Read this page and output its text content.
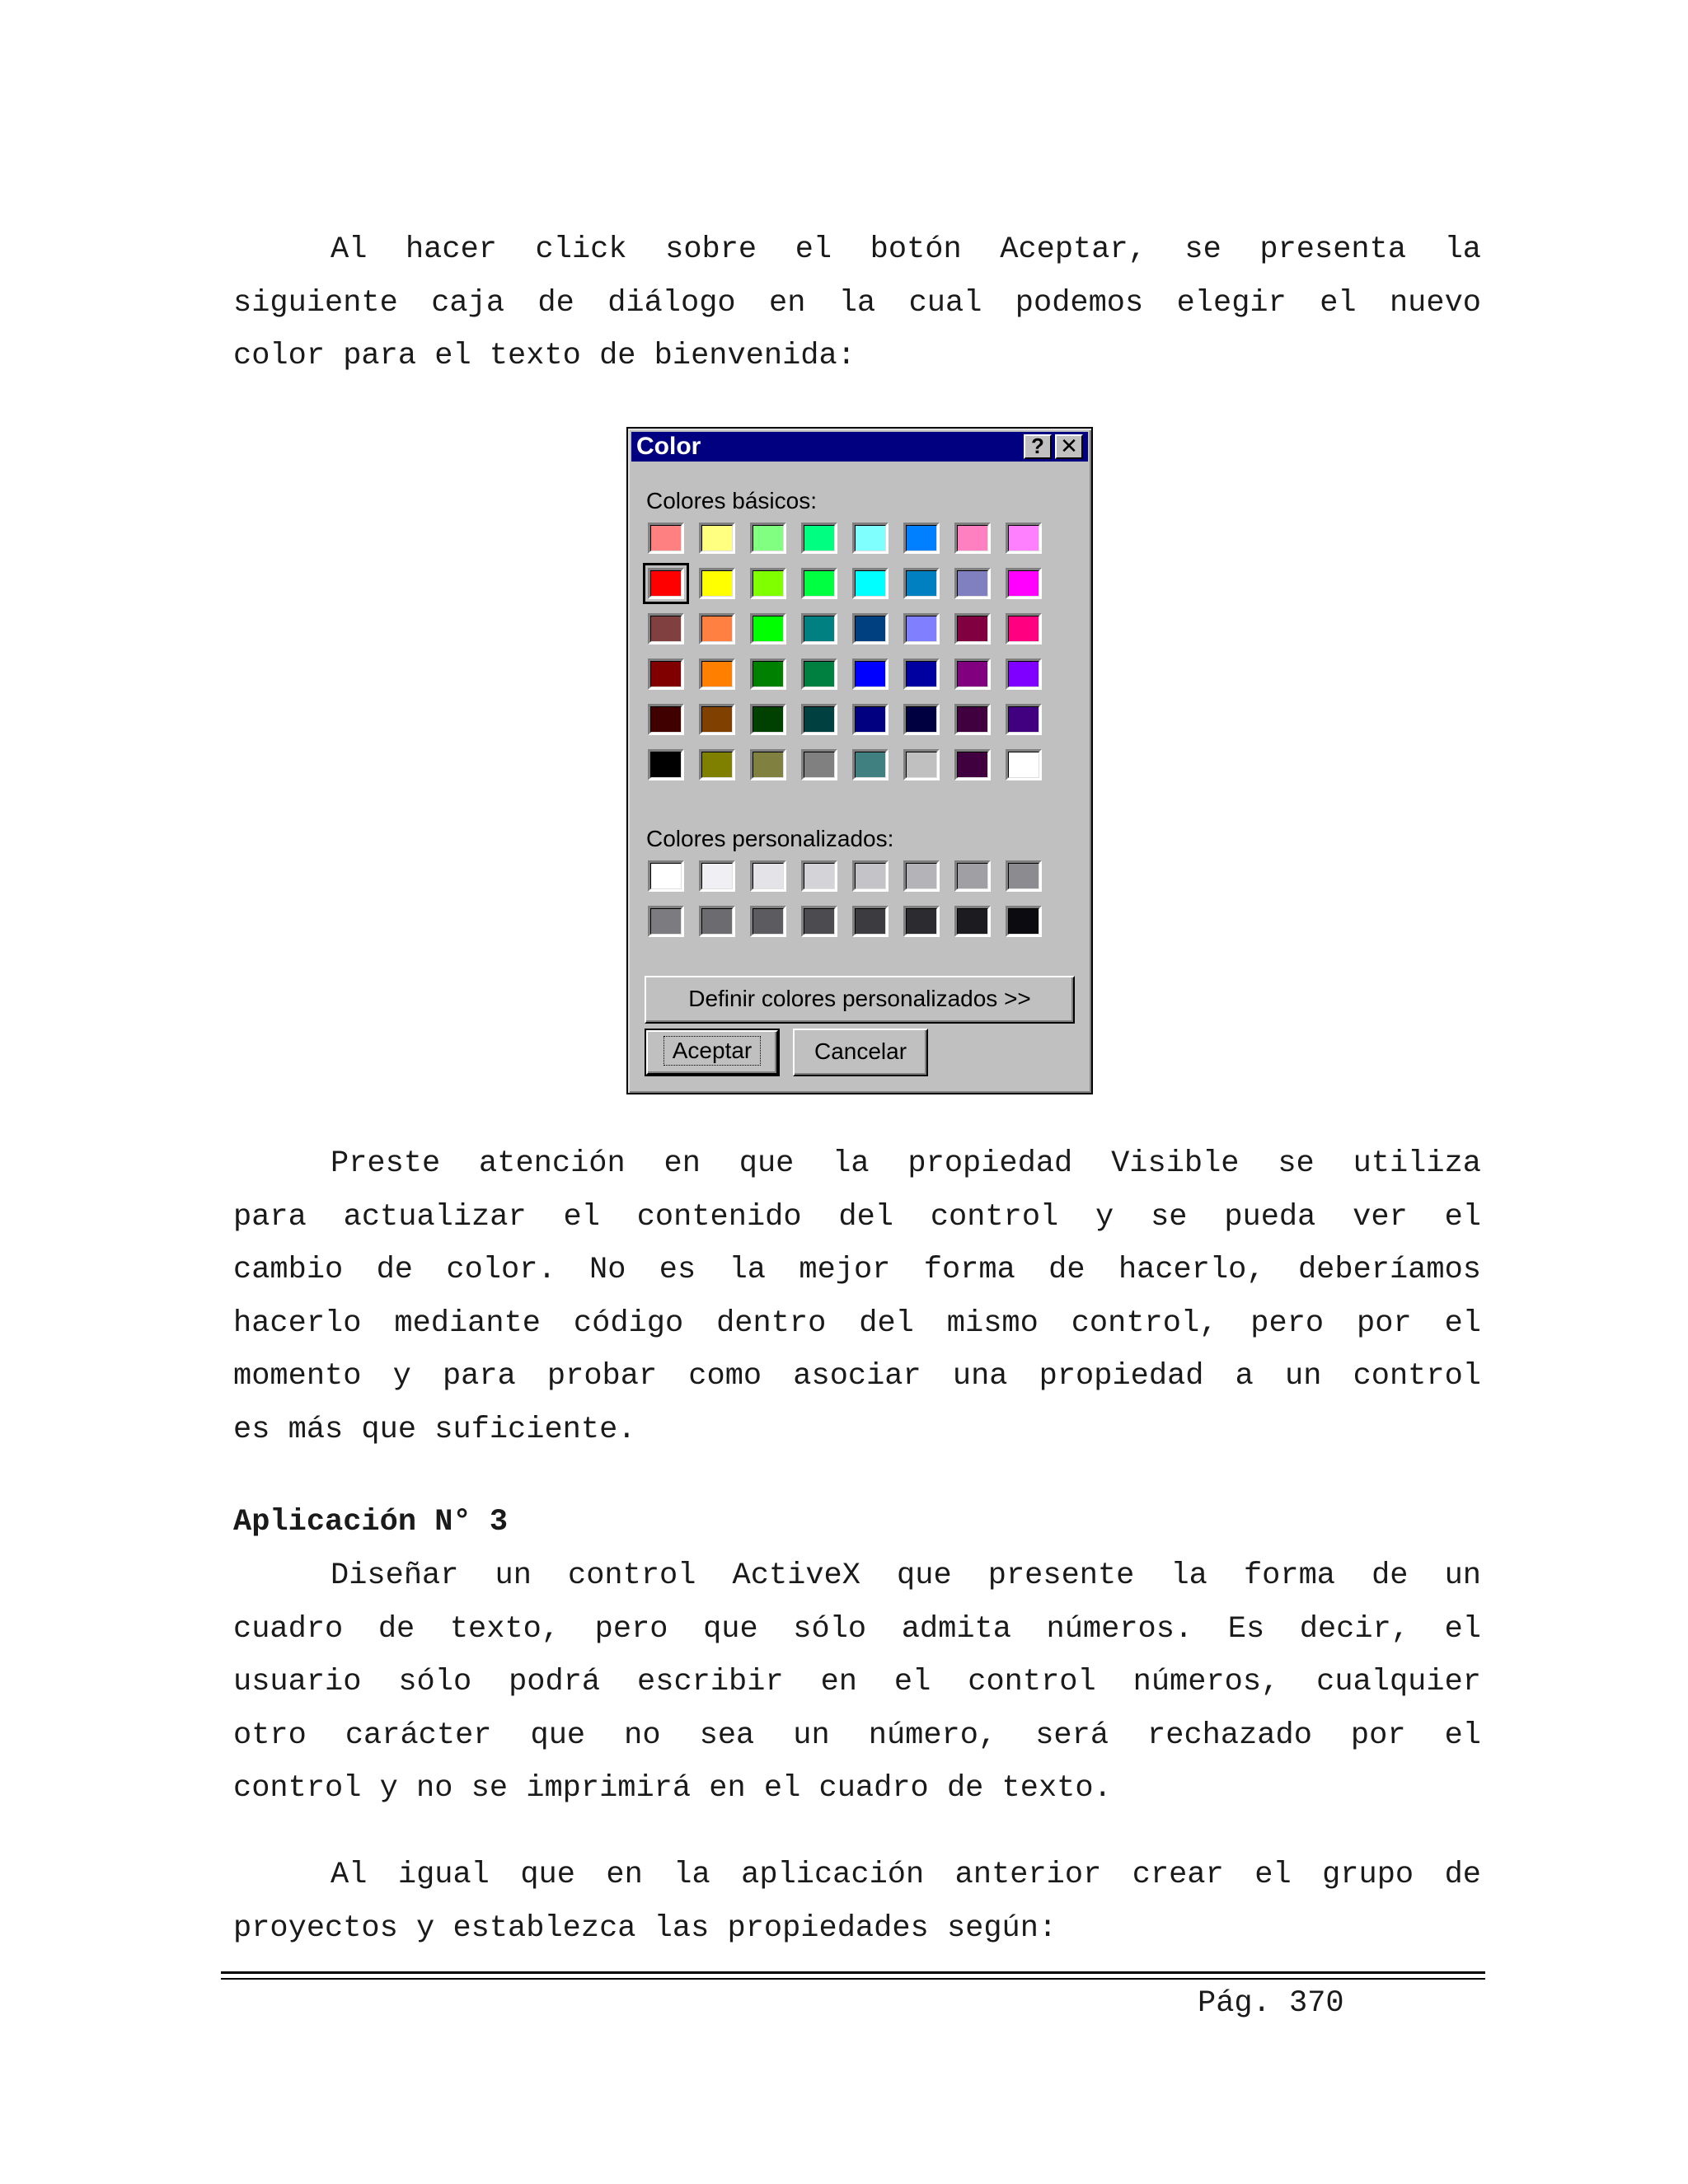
Al hacer click sobre el botón Aceptar, se presenta la
siguiente caja de diálogo en la cual podemos elegir el nuevo
color para el texto de bienvenida:
Color	? ✕
Colores básicos:
Colores personalizados:
Definir colores personalizados >>
Aceptar	Cancelar
Preste atención en que la propiedad Visible se utiliza
para actualizar el contenido del control y se pueda ver el
cambio de color. No es la mejor forma de hacerlo, deberíamos
hacerlo mediante código dentro del mismo control, pero por el
momento y para probar como asociar una propiedad a un control
es más que suficiente.
Aplicación N° 3
Diseñar un control ActiveX que presente la forma de un
cuadro de texto, pero que sólo admita números. Es decir, el
usuario sólo podrá escribir en el control números, cualquier
otro carácter que no sea un número, será rechazado por el
control y no se imprimirá en el cuadro de texto.
Al igual que en la aplicación anterior crear el grupo de
proyectos y establezca las propiedades según:
Pág. 370
